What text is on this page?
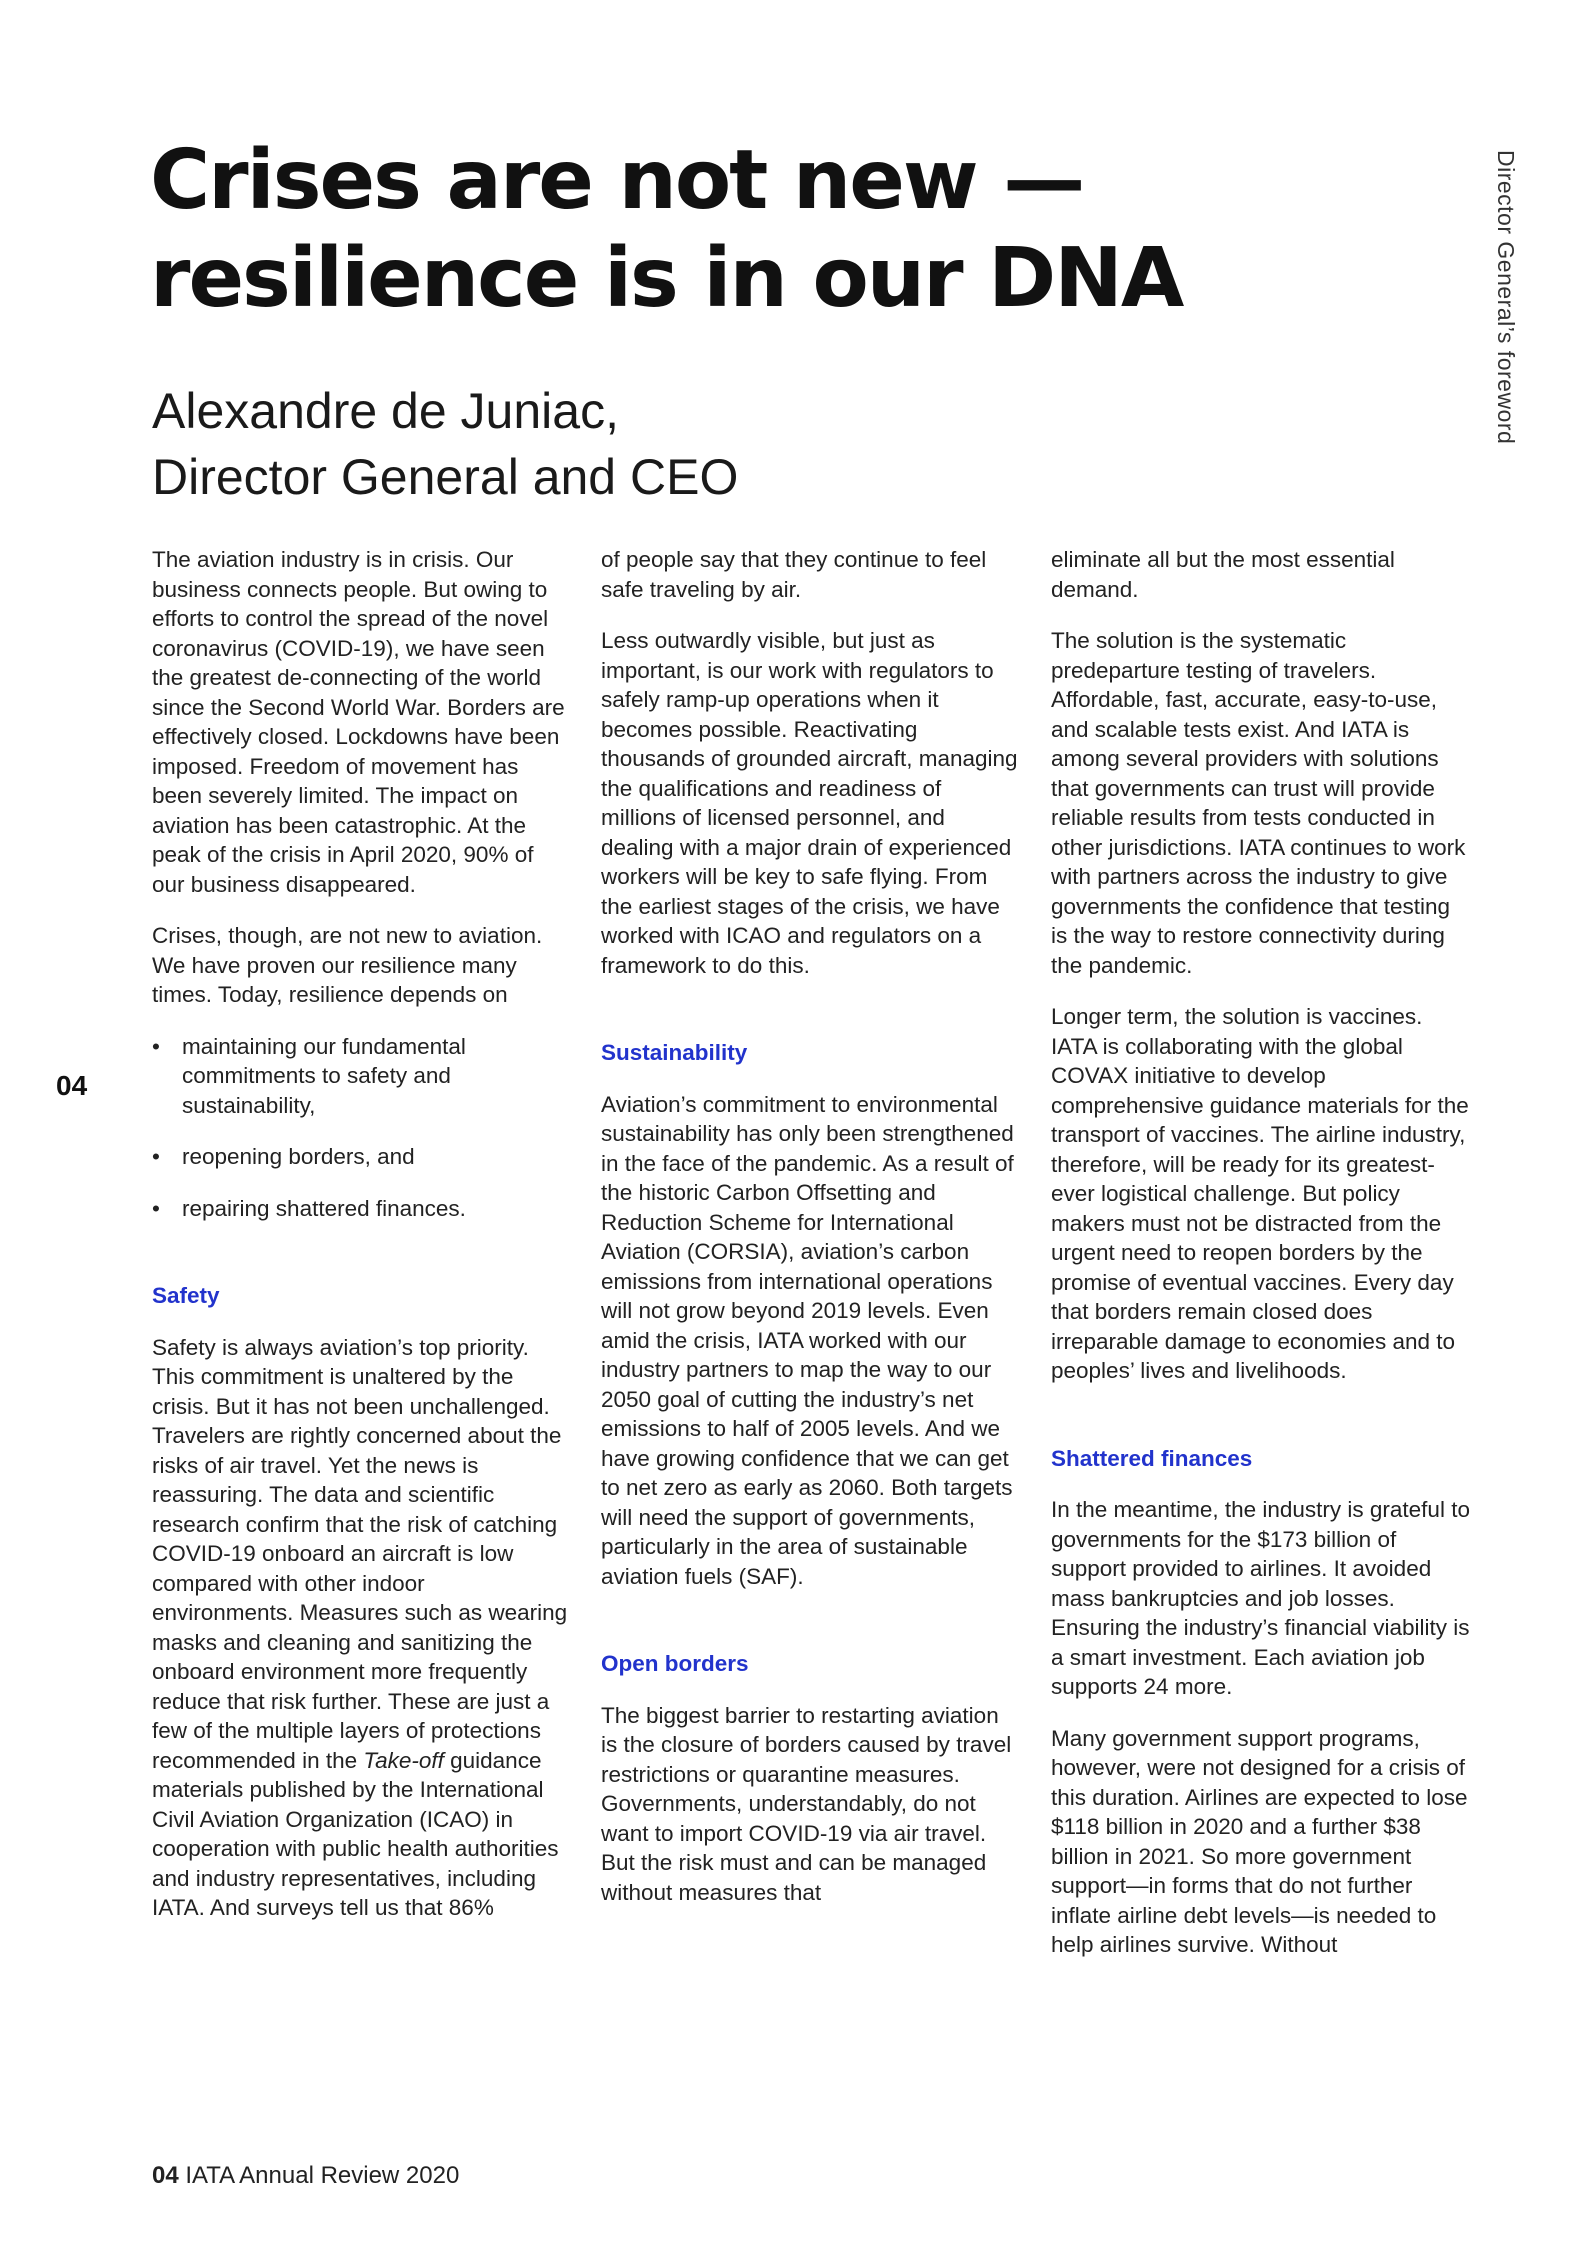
Crises are not new —
resilience is in our DNA
Alexandre de Juniac,
Director General and CEO
Director General’s foreword
04

The aviation industry is in crisis. Our business connects people. But owing to efforts to control the spread of the novel coronavirus (COVID-19), we have seen the greatest de-connecting of the world since the Second World War. Borders are effectively closed. Lockdowns have been imposed. Freedom of movement has been severely limited. The impact on aviation has been catastrophic. At the peak of the crisis in April 2020, 90% of our business disappeared.

Crises, though, are not new to aviation. We have proven our resilience many times. Today, resilience depends on

• maintaining our fundamental commitments to safety and sustainability,
• reopening borders, and
• repairing shattered finances.
Safety

Safety is always aviation’s top priority. This commitment is unaltered by the crisis. But it has not been unchallenged. Travelers are rightly concerned about the risks of air travel. Yet the news is reassuring. The data and scientific research confirm that the risk of catching COVID-19 onboard an aircraft is low compared with other indoor environments. Measures such as wearing masks and cleaning and sanitizing the onboard environment more frequently reduce that risk further. These are just a few of the multiple layers of protections recommended in the Take-off guidance materials published by the International Civil Aviation Organization (ICAO) in cooperation with public health authorities and industry representatives, including IATA. And surveys tell us that 86%

of people say that they continue to feel safe traveling by air.

Less outwardly visible, but just as important, is our work with regulators to safely ramp-up operations when it becomes possible. Reactivating thousands of grounded aircraft, managing the qualifications and readiness of millions of licensed personnel, and dealing with a major drain of experienced workers will be key to safe flying. From the earliest stages of the crisis, we have worked with ICAO and regulators on a framework to do this.

Sustainability

Aviation’s commitment to environmental sustainability has only been strengthened in the face of the pandemic. As a result of the historic Carbon Offsetting and Reduction Scheme for International Aviation (CORSIA), aviation’s carbon emissions from international operations will not grow beyond 2019 levels. Even amid the crisis, IATA worked with our industry partners to map the way to our 2050 goal of cutting the industry’s net emissions to half of 2005 levels. And we have growing confidence that we can get to net zero as early as 2060. Both targets will need the support of governments, particularly in the area of sustainable aviation fuels (SAF).

Open borders

The biggest barrier to restarting aviation is the closure of borders caused by travel restrictions or quarantine measures. Governments, understandably, do not want to import COVID-19 via air travel. But the risk must and can be managed without measures that

eliminate all but the most essential demand.

The solution is the systematic predeparture testing of travelers. Affordable, fast, accurate, easy-to-use, and scalable tests exist. And IATA is among several providers with solutions that governments can trust will provide reliable results from tests conducted in other jurisdictions. IATA continues to work with partners across the industry to give governments the confidence that testing is the way to restore connectivity during the pandemic.

Longer term, the solution is vaccines. IATA is collaborating with the global COVAX initiative to develop comprehensive guidance materials for the transport of vaccines. The airline industry, therefore, will be ready for its greatest-ever logistical challenge. But policy makers must not be distracted from the urgent need to reopen borders by the promise of eventual vaccines. Every day that borders remain closed does irreparable damage to economies and to peoples’ lives and livelihoods.

Shattered finances

In the meantime, the industry is grateful to governments for the $173 billion of support provided to airlines. It avoided mass bankruptcies and job losses. Ensuring the industry’s financial viability is a smart investment. Each aviation job supports 24 more.

Many government support programs, however, were not designed for a crisis of this duration. Airlines are expected to lose $118 billion in 2020 and a further $38 billion in 2021. So more government support—in forms that do not further inflate airline debt levels—is needed to help airlines survive. Without

04 IATA Annual Review 2020
